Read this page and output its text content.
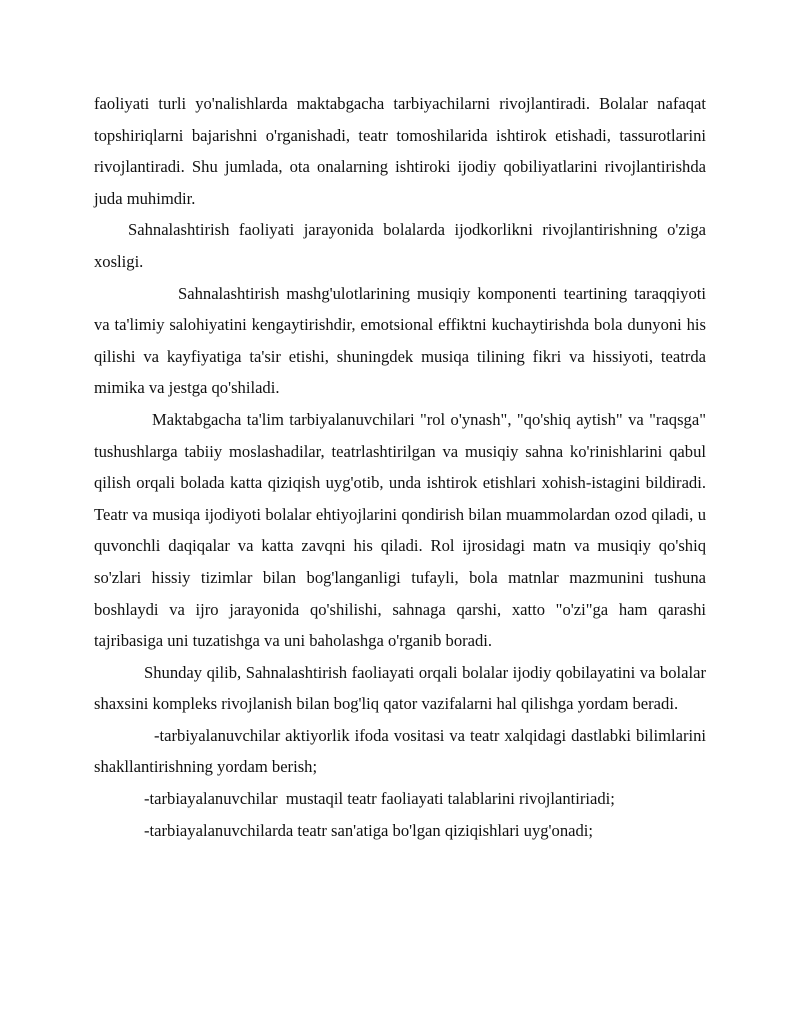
faoliyati turli yo'nalishlarda maktabgacha tarbiyachilarni rivojlantiradi. Bolalar nafaqat topshiriqlarni bajarishni o'rganishadi, teatr tomoshilarida ishtirok etishadi, tassurotlarini rivojlantiradi. Shu jumlada, ota onalarning ishtiroki ijodiy qobiliyatlarini rivojlantirishda juda muhimdir.

Sahnalashtirish faoliyati jarayonida bolalarda ijodkorlikni rivojlantirishning o'ziga xosligi.

Sahnalashtirish mashg'ulotlarining musiqiy komponenti teartining taraqqiyoti va ta'limiy salohiyatini kengaytirishdir, emotsional effiktni kuchaytirishda bola dunyoni his qilishi va kayfiyatiga ta'sir etishi, shuningdek musiqa tilining fikri va hissiyoti, teatrda mimika va jestga qo'shiladi.

Maktabgacha ta'lim tarbiyalanuvchilari "rol o'ynash", "qo'shiq aytish" va "raqsga" tushushlarga tabiiy moslashadilar, teatrlashtirilgan va musiqiy sahna ko'rinishlarini qabul qilish orqali bolada katta qiziqish uyg'otib, unda ishtirok etishlari xohish-istagini bildiradi. Teatr va musiqa ijodiyoti bolalar ehtiyojlarini qondirish bilan muammolardan ozod qiladi, u quvonchli daqiqalar va katta zavqni his qiladi. Rol ijrosidagi matn va musiqiy qo'shiq so'zlari hissiy tizimlar bilan bog'langanligi tufayli, bola matnlar mazmunini tushuna boshlaydi va ijro jarayonida qo'shilishi, sahnaga qarshi, xatto "o'zi"ga ham qarashi tajribasiga uni tuzatishga va uni baholashga o'rganib boradi.

Shunday qilib, Sahnalashtirish faoliayati orqali bolalar ijodiy qobilayatini va bolalar shaxsini kompleks rivojlanish bilan bog'liq qator vazifalarni hal qilishga yordam beradi.

-tarbiyalanuvchilar aktiyorlik ifoda vositasi va teatr xalqidagi dastlabki bilimlarini shakllantirishning yordam berish;

-tarbiayalanuvchilar  mustaqil teatr faoliayati talablarini rivojlantiriadi;

-tarbiayalanuvchilarda teatr san'atiga bo'lgan qiziqishlari uyg'onadi;
